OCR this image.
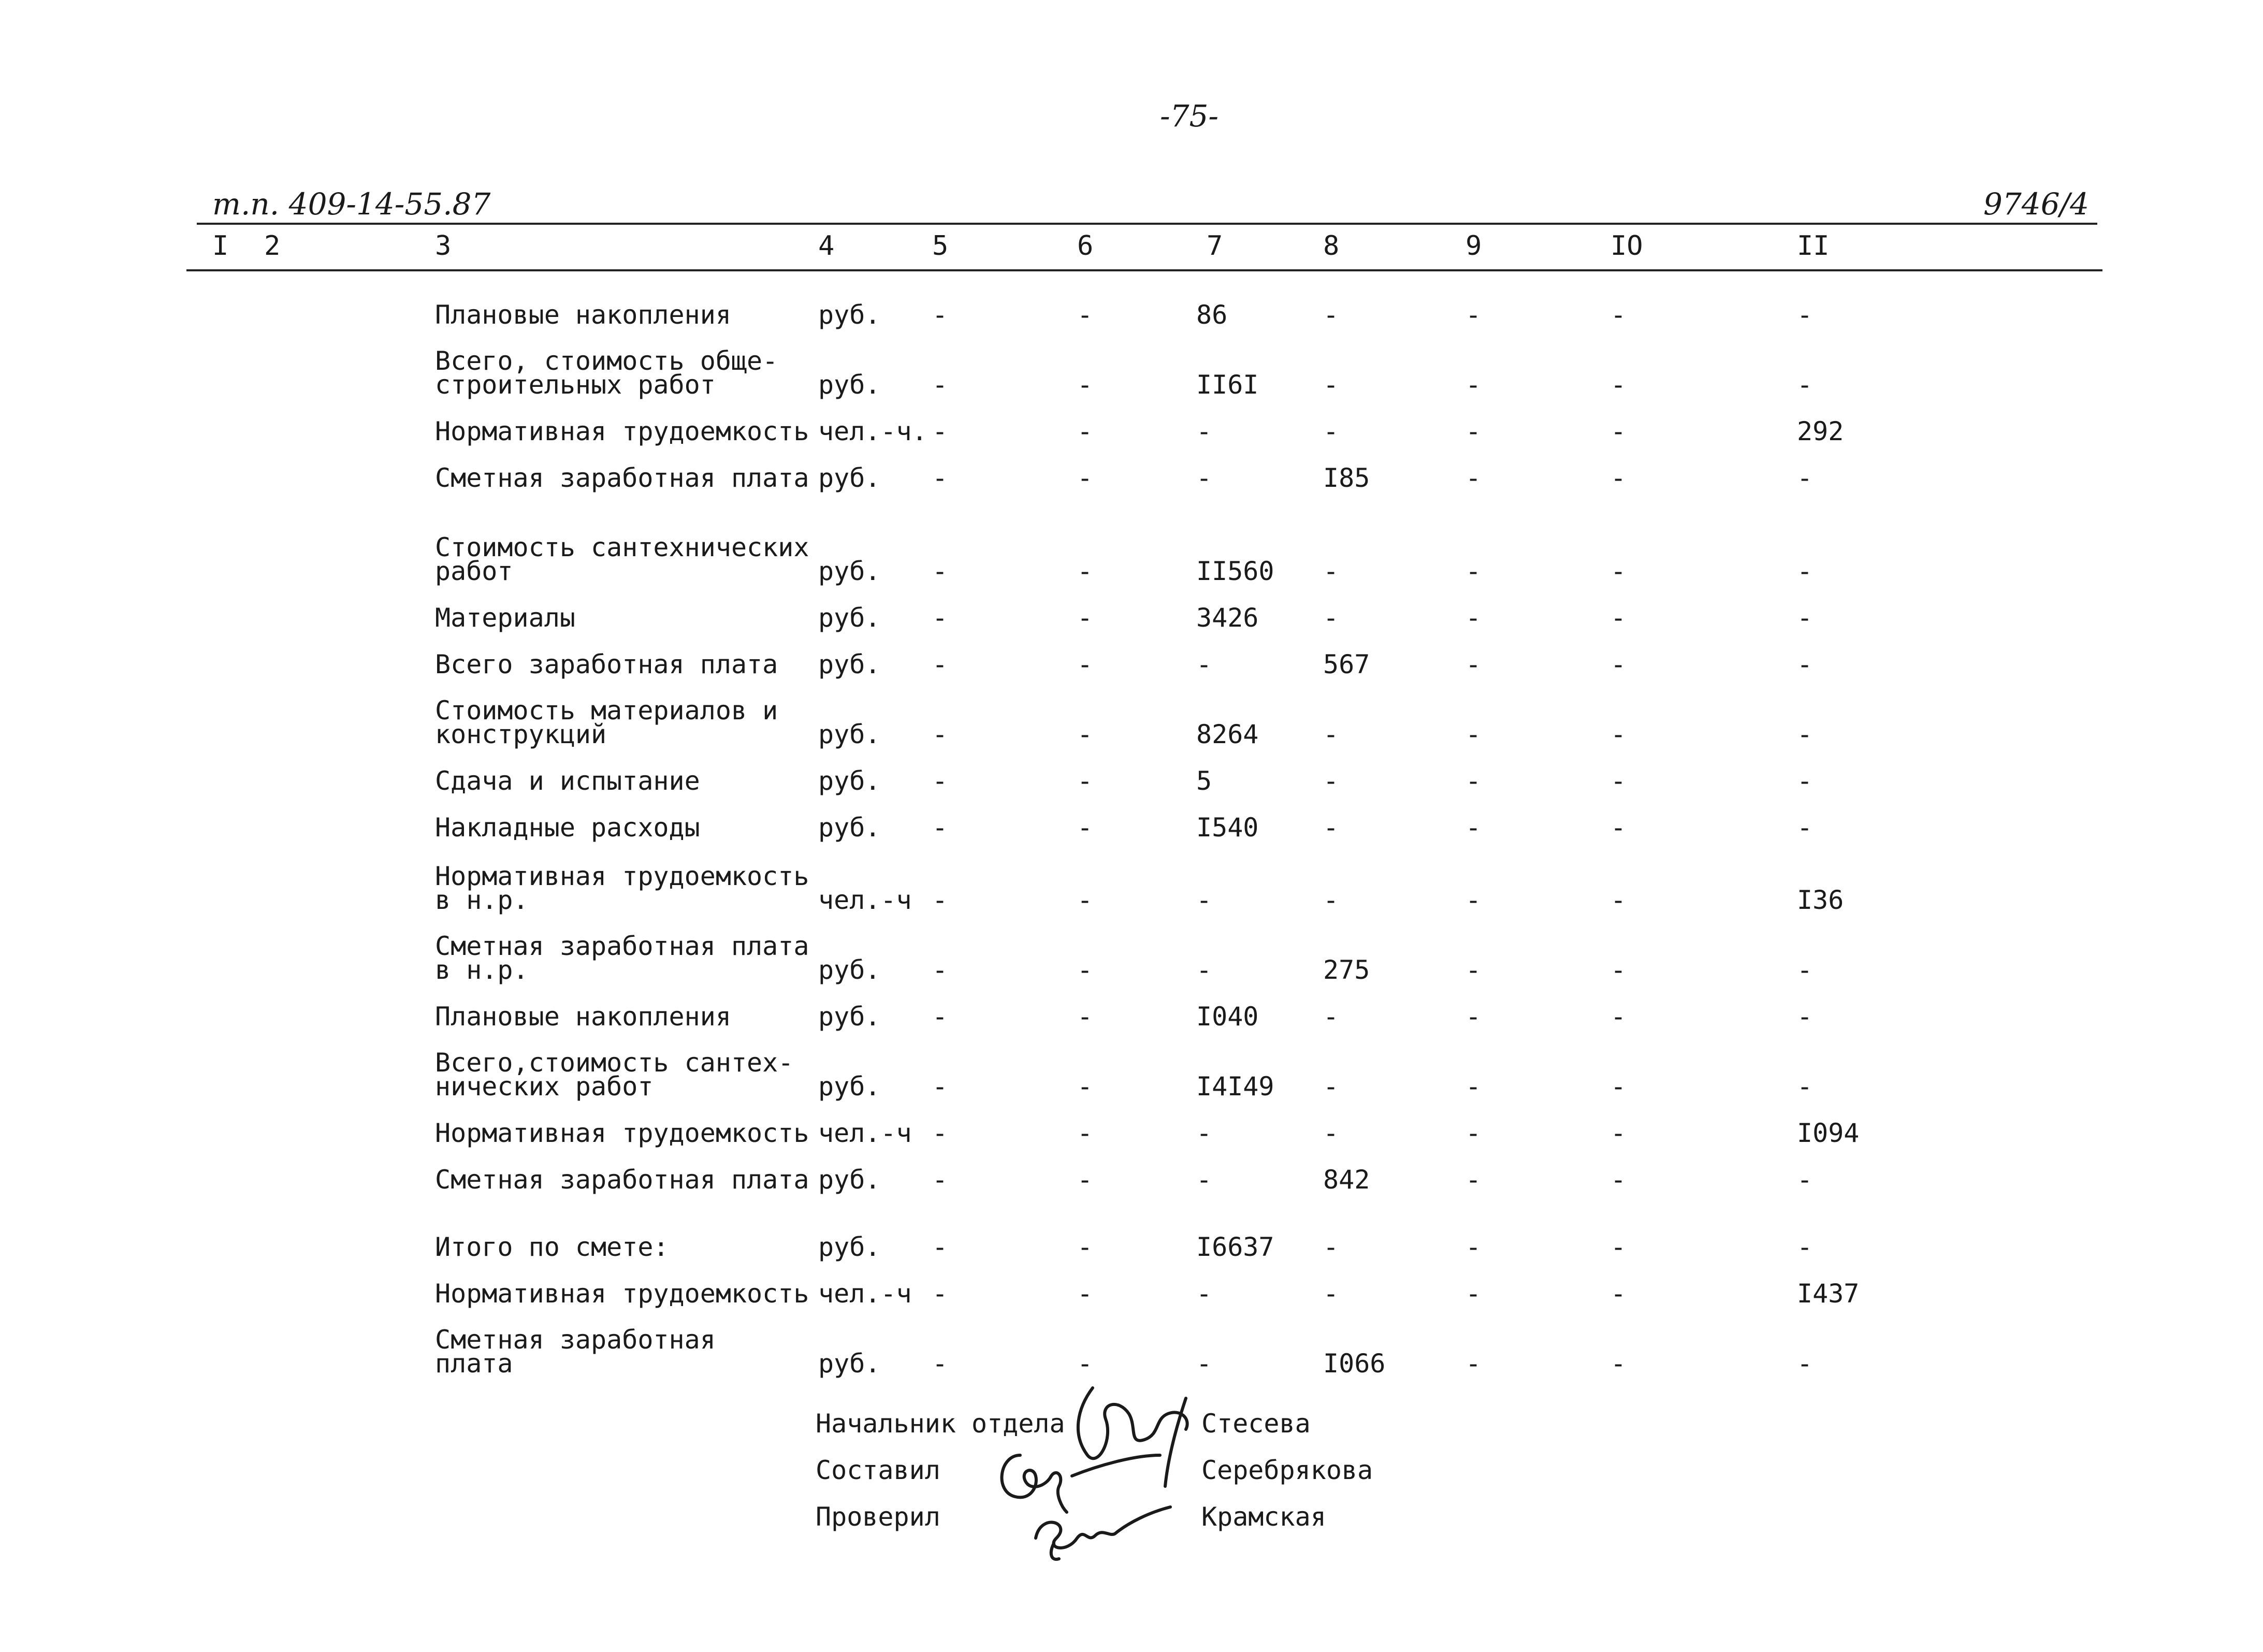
-75-
т.п. 409-14-55.87	9746/4
I 2	3	4	5	6	7	8	9	IO	II
Плановые накопления	руб. -	-	86	-	-	-	-
Всего, стоимость обще-
строительных работ	руб. -	-	II6I -	-	-	-
Нормативная трудоемкость чел.-ч. -	-	-	-	-	-	292
Сметная заработная плата руб. -	-	-	I85	-	-	-
Стоимость сантехнических
работ	руб. -	-	II560 -	-	-	-
Материалы	руб. -	-	3426 -	-	-	-
Всего заработная плата руб. -	-	-	567	-	-	-
Стоимость материалов и
конструкций	руб. -	-	8264 -	-	-	-
Сдача и испытание	руб. -	-	5	-	-	-	-
Накладные расходы	руб. -	-	I540 -	-	-	-
Нормативная трудоемкость
в н.р.	чел.-ч -	-	-	-	-	-	I36
Сметная заработная плата
в н.р.	руб. -	-	-	275	-	-	-
Плановые накопления	руб. -	-	I040 -	-	-	-
Всего,стоимость сантех-
нических работ	руб. -	-	I4I49 -	-	-	-
Нормативная трудоемкость чел.-ч -	-	-	-	-	-	I094
Сметная заработная плата руб. -	-	-	842	-	-	-
Итого по смете:	руб. -	-	I6637 -	-	-	-
Нормативная трудоемкость чел.-ч -	-	-	-	-	-	I437
Сметная заработная
плата	руб. -	-	-	I066	-	-	-
Начальник отдела	Стесева
Составил	Серебрякова
Проверил	Крамская
